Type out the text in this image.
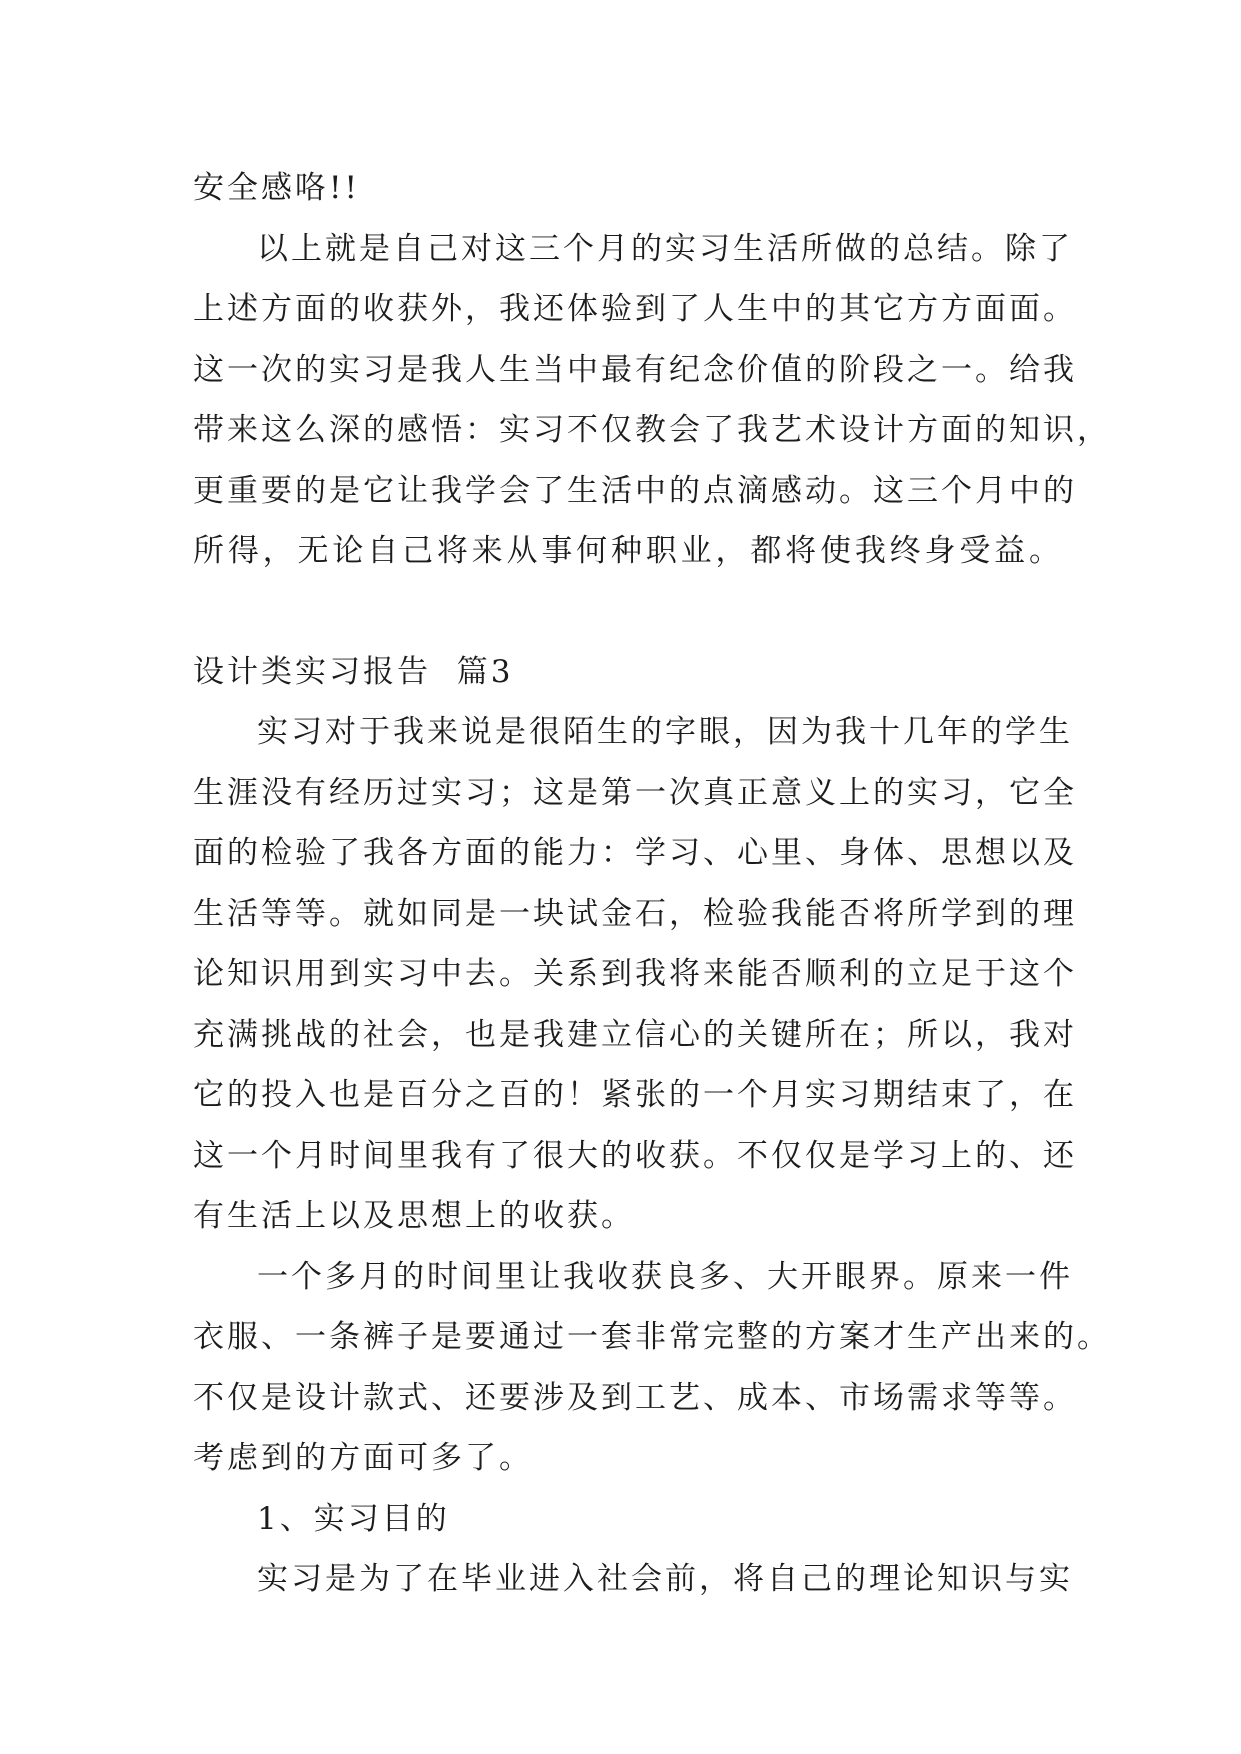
安全感咯!!
以上就是自己对这三个月的实习生活所做的总结。除了
上述方面的收获外，我还体验到了人生中的其它方方面面。
这一次的实习是我人生当中最有纪念价值的阶段之一。给我
带来这么深的感悟：实习不仅教会了我艺术设计方面的知识，
更重要的是它让我学会了生活中的点滴感动。这三个月中的
所得，无论自己将来从事何种职业，都将使我终身受益。
设计类实习报告  篇3
实习对于我来说是很陌生的字眼，因为我十几年的学生
生涯没有经历过实习；这是第一次真正意义上的实习，它全
面的检验了我各方面的能力：学习、心里、身体、思想以及
生活等等。就如同是一块试金石，检验我能否将所学到的理
论知识用到实习中去。关系到我将来能否顺利的立足于这个
充满挑战的社会，也是我建立信心的关键所在；所以，我对
它的投入也是百分之百的！紧张的一个月实习期结束了，在
这一个月时间里我有了很大的收获。不仅仅是学习上的、还
有生活上以及思想上的收获。
一个多月的时间里让我收获良多、大开眼界。原来一件
衣服、一条裤子是要通过一套非常完整的方案才生产出来的。
不仅是设计款式、还要涉及到工艺、成本、市场需求等等。
考虑到的方面可多了。
1、实习目的
实习是为了在毕业进入社会前，将自己的理论知识与实
